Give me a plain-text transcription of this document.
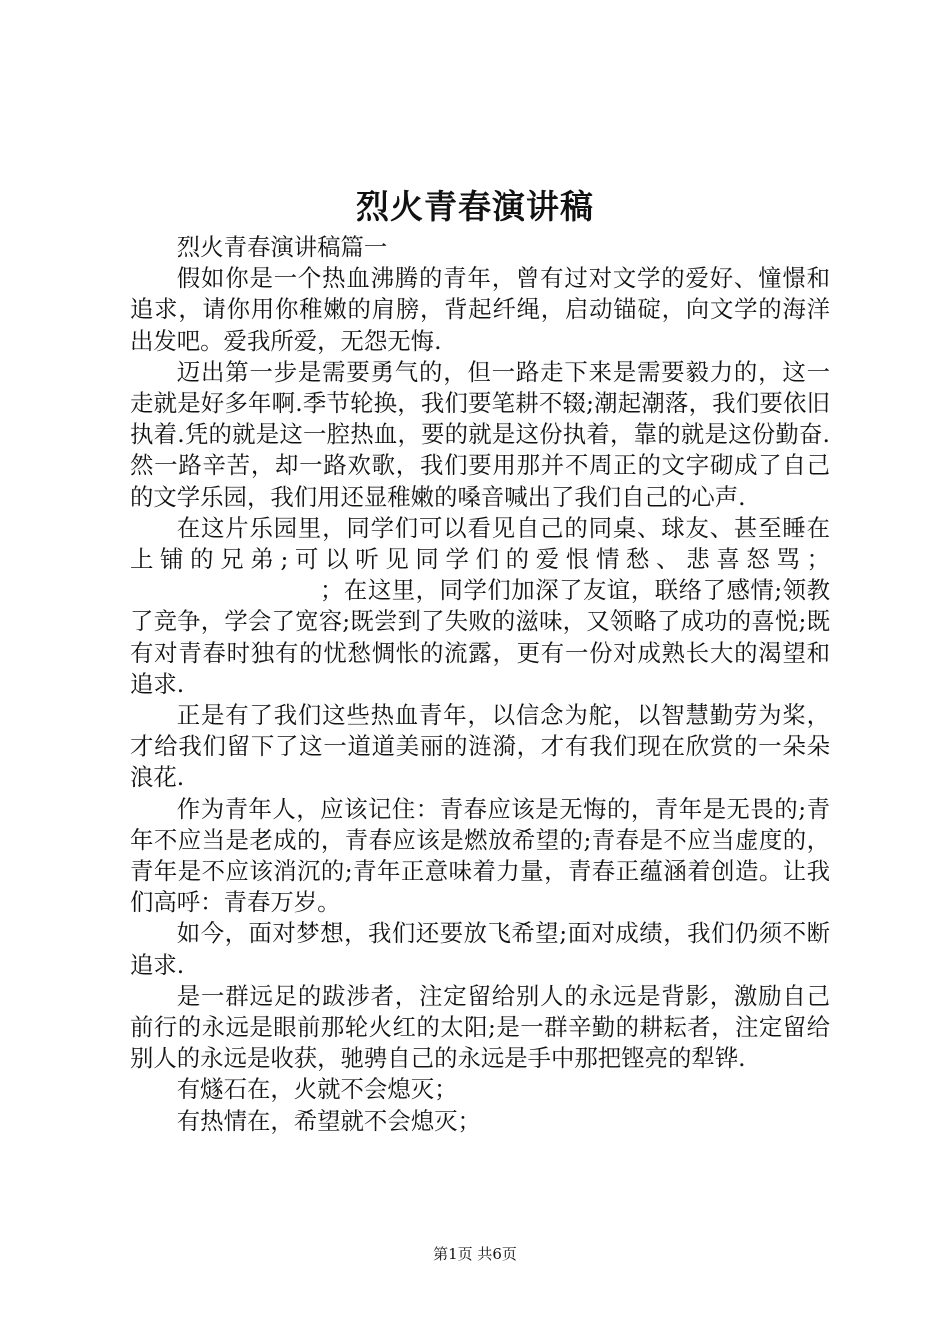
烈火青春演讲稿

烈火青春演讲稿篇一

假如你是一个热血沸腾的青年，曾有过对文学的爱好、憧憬和追求，请你用你稚嫩的肩膀，背起纤绳，启动锚碇，向文学的海洋出发吧。爱我所爱，无怨无悔.

迈出第一步是需要勇气的，但一路走下来是需要毅力的，这一走就是好多年啊.季节轮换，我们要笔耕不辍;潮起潮落，我们要依旧执着.凭的就是这一腔热血，要的就是这份执着，靠的就是这份勤奋.然一路辛苦，却一路欢歌，我们要用那并不周正的文字砌成了自己的文学乐园，我们用还显稚嫩的嗓音喊出了我们自己的心声.

在这片乐园里，同学们可以看见自己的同桌、球友、甚至睡在上铺的兄弟;可以听见同学们的爱恨情愁、悲喜怒骂；；在这里，同学们加深了友谊，联络了感情;领教了竞争，学会了宽容;既尝到了失败的滋味，又领略了成功的喜悦;既有对青春时独有的忧愁惆怅的流露，更有一份对成熟长大的渴望和追求.

正是有了我们这些热血青年，以信念为舵，以智慧勤劳为桨，才给我们留下了这一道道美丽的涟漪，才有我们现在欣赏的一朵朵浪花.

作为青年人，应该记住：青春应该是无悔的，青年是无畏的;青年不应当是老成的，青春应该是燃放希望的;青春是不应当虚度的，青年是不应该消沉的;青年正意味着力量，青春正蕴涵着创造。让我们高呼：青春万岁。

如今，面对梦想，我们还要放飞希望;面对成绩，我们仍须不断追求.

是一群远足的跋涉者，注定留给别人的永远是背影，激励自己前行的永远是眼前那轮火红的太阳;是一群辛勤的耕耘者，注定留给别人的永远是收获，驰骋自己的永远是手中那把铿亮的犁铧.

有燧石在，火就不会熄灭；

有热情在，希望就不会熄灭；

第1页 共6页
